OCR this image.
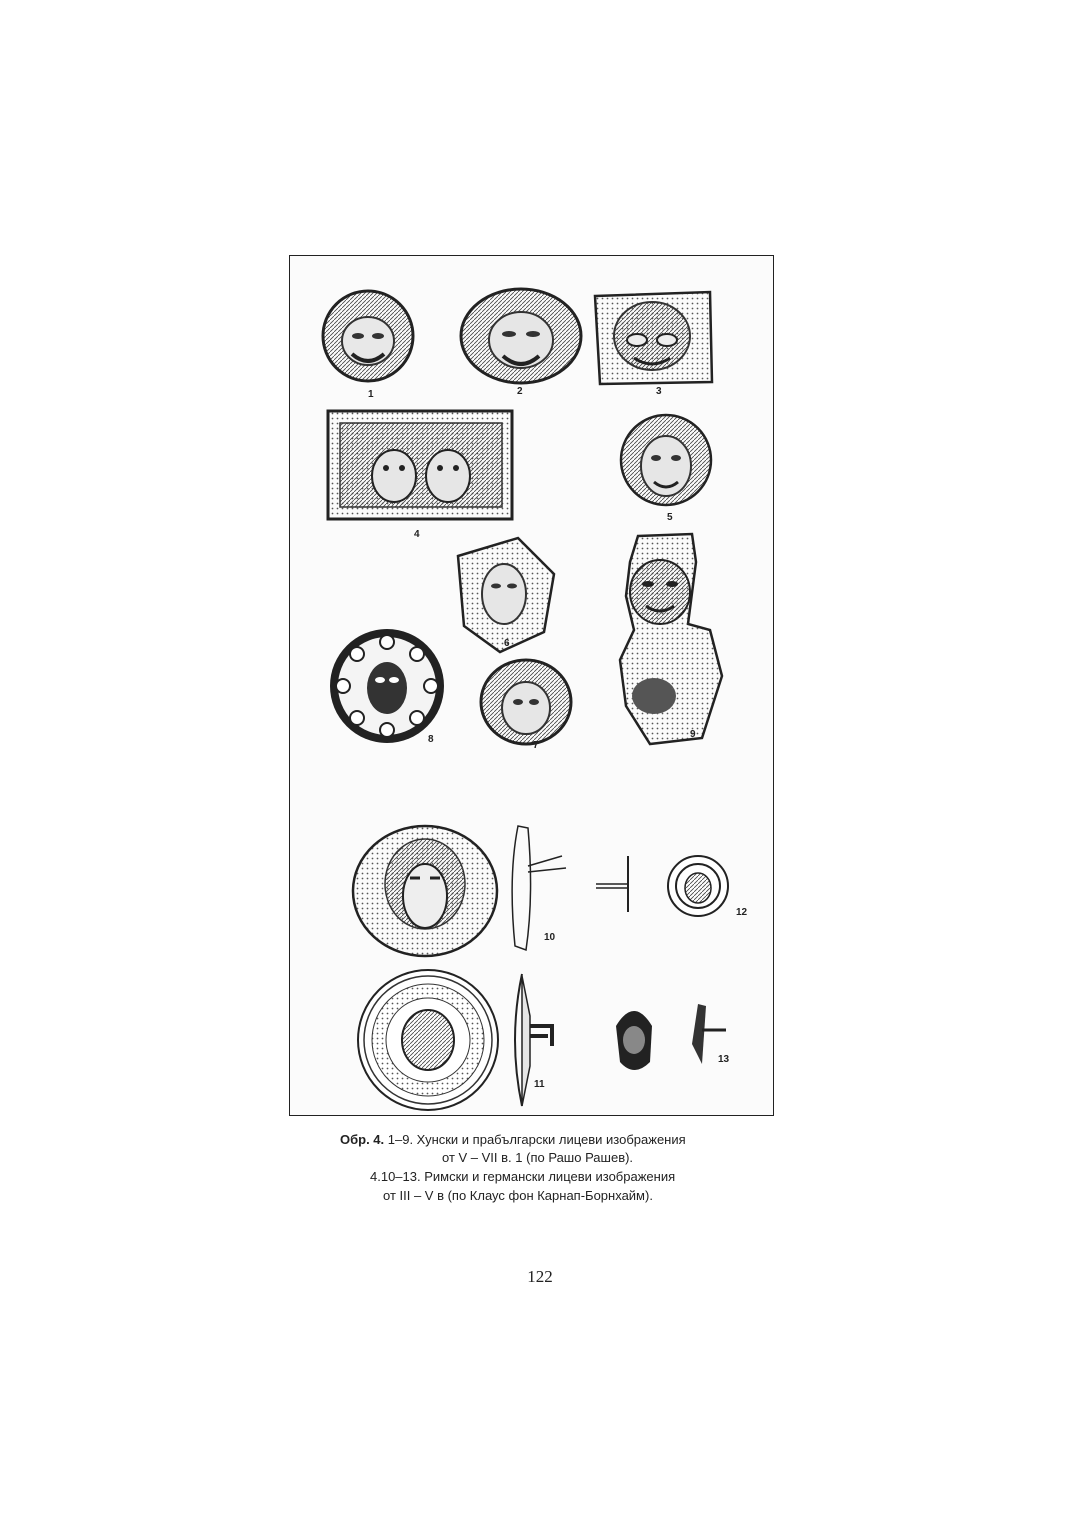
1	2	3
4
5
6
7
8	9
10
11
12
13
Обр. 4. 1–9. Хунски и прабългарски лицеви изображения
от V – VII в. 1 (по Рашо Рашев).
4.10–13. Римски и германски лицеви изображения
от III – V в (по Клаус фон Карнап-Борнхайм).
122
